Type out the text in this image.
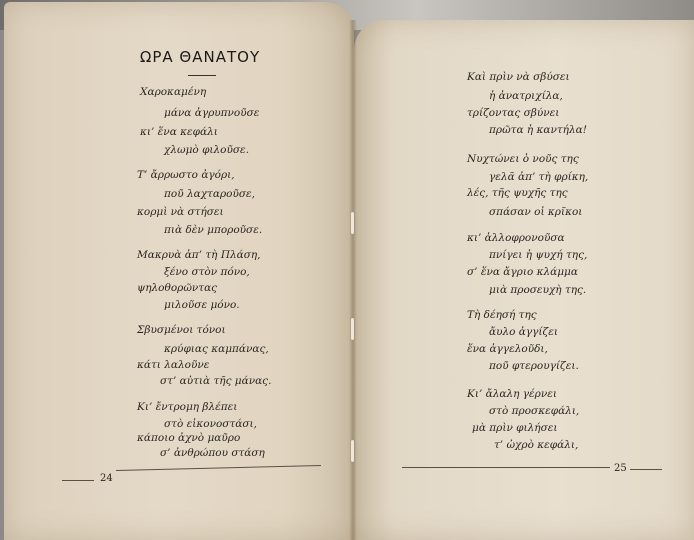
ΩΡΑ ΘΑΝΑΤΟΥ
Χαροκαμένη
μάνα ἀγρυπνοῦσε
κι’ ἕνα κεφάλι
χλωμὸ φιλοῦσε.
Τ’ ἄρρωστο ἀγόρι,
ποῦ λαχταροῦσε,
κορμὶ νὰ στήσει
πιὰ δὲν μποροῦσε.
Μακρυὰ ἀπ’ τὴ Πλάση,
ξένο στὸν πόνο,
ψηλοθορῶντας
μιλοῦσε μόνο.
Σβυσμένοι τόνοι
κρύφιας καμπάνας,
κάτι λαλοῦνε
στ’ αὐτιὰ τῆς μάνας.
Κι’ ἔντρομη βλέπει
στὸ εἰκονοστάσι,
κάποιο ἀχνὸ μαῦρο
σ’ ἀνθρώπου στάση
24
Καὶ πρὶν νὰ σβύσει
ἡ ἀνατριχίλα,
τρίζοντας σβύνει
πρῶτα ἡ καντήλα!
Νυχτώνει ὁ νοῦς της
γελᾶ ἀπ’ τὴ φρίκη,
λές, τῆς ψυχῆς της
σπάσαν οἱ κρῖκοι
κι’ ἀλλοφρονοῦσα
πνίγει ἡ ψυχή της,
σ’ ἕνα ἄγριο κλάμμα
μιὰ προσευχὴ της.
Τὴ δέησή της
ἄυλο ἀγγίζει
ἕνα ἀγγελοῦδι,
ποῦ φτερουγίζει.
Κι’ ἄλαλη γέρνει
στὸ προσκεφάλι,
μὰ πρὶν φιλήσει
τ’ ὠχρὸ κεφάλι,
25
